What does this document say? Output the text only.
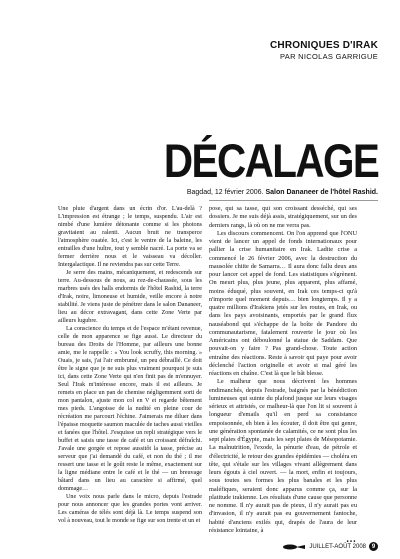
CHRONIQUES D'IRAK
PAR NICOLAS GARRIGUE
DÉCALAGE
Bagdad, 12 février 2006. Salon Dananeer de l'hôtel Rashid.

Une pluie d'argent dans un écrin d'or. L'au-delà ? L'impression est étrange ; le temps, suspendu. L'air est nimbé d'une lumière détonante comme si les photons gravitaient au ralenti. Aucun bruit ne transperce l'atmosphère ouatée. Ici, c'est le ventre de la baleine, les entrailles d'une huître, tout y semble nacré. La porte va se fermer derrière nous et le vaisseau va décoller. Intergalactique. Il ne reviendra pas sur cette Terre.

Je serre des mains, mécaniquement, et redescends sur terre. Au-dessous de nous, au rez-de-chaussée, sous les marbres usés des halls endormis de l'hôtel Rashid, la terre d'Irak, noire, limoneuse et humide, veille encore à notre stabilité. Je viens juste de pénétrer dans le salon Dananeer, lieu au décor extravagant, dans cette Zone Verte par ailleurs lugubre.

La conscience du temps et de l'espace m'étant revenue, celle de mon apparence se fige aussi. Le directeur du bureau des Droits de l'Homme, par ailleurs une bonne amie, me le rappelle : « You look scruffy, this morning. » Ouais, je sais, j'ai l'air embrumé, un peu débraillé. Ce doit être le signe que je ne suis plus vraiment pourquoi je suis ici, dans cette Zone Verte qui n'en finit pas de m'ennuyer. Seul l'Irak m'intéresse encore, mais il est ailleurs. Je remets en place un pan de chemise négligemment sorti de mon pantalon, ajuste mon col en V et regarde bêtement mes pieds. L'angoisse de la nudité en pleine cour de récréation me parcourt l'échine. J'aimerais me diluer dans l'épaisse moquette saumon maculée de taches aussi vieilles et fanées que l'hôtel. J'esquisse un repli stratégique vers le buffet et saisis une tasse de café et un croissant défraîchi. J'avale une gorgée et repose aussitôt la tasse, précise au serveur que j'ai demandé du café, et non du thé ; il me ressert une tasse et le goût reste le même, exactement sur la ligne médiane entre le café et le thé — un breuvage bâtard dans un lieu au caractère si affirmé, quel dommage…

Une voix nous parle dans le micro, depuis l'estrade pour nous annoncer que les grandes portes vont arriver. Les caméras de télés sont déjà là. Le temps suspend son vol à nouveau, tout le monde se fige sur son trente et un et

pose, qui sa tasse, qui son croissant desséché, qui ses dossiers. Je me suis déjà assis, stratégiquement, sur un des derniers rangs, là où on ne me verra pas.

Les discours commencent. On l'on apprend que l'ONU vient de lancer un appel de fonds internationaux pour pallier la crise humanitaire en Irak. Ladite crise a commencé le 26 février 2006, avec la destruction du mausolée chiite de Samarra… Il aura donc fallu deux ans pour lancer cet appel de fond. Les statistiques s'égrènent. On meurt plus, plus jeune, plus apparent, plus affamé, moins éduqué, plus souvent, en Irak ces temps-ci qu'à n'importe quel moment depuis… bien longtemps. Il y a quatre millions d'Irakiens jetés sur les routes, en Irak, ou dans les pays avoisinants, emportés par le grand flux nauséabond qui s'échappe de la boîte de Pandore du communautarisme, fatalement rouverte le jour où les Américains ont déboulonné la statue de Saddam. Que pouvait-on y faire ? Pas grand-chose. Toute action entraîne des réactions. Reste à savoir qui paye pour avoir déclenché l'action originelle et avoir si mal géré les réactions en chaîne. C'est là que le bât blesse.

Le malheur que nous décrivent les hommes endimanchés, depuis l'estrade, baignés par la bénédiction lumineuses qui suinte du plafond jusque sur leurs visages sérieux et attristés, ce malheur-là que l'on lit si souvent à longueur d'emails qu'il en perd sa consistance empoisonnée, eh bien à les écouter, il doit être qui genre, une génération spontanée de calamités, ce ne sont plus les sept plaies d'Égypte, mais les sept plaies de Mésopotamie. La malnutrition, l'exode, la pénurie d'eau, de pétrole et d'électricité, le retour des grandes épidémies — choléra en tête, qui s'étale sur les villages vivant allègrement dans leurs égouts à ciel ouvert. — la mort, enfin et toujours, sous toutes ses formes les plus banales et les plus maléfiques, seraient donc apparus comme ça, sur la platitude irakienne. Les résultats d'une cause que personne ne nomme. Il n'y aurait pas de pieux, il n'y aurait pas eu d'invasion, il n'y aurait pas eu gouvernement fantoche, habité d'anciens exilés qui, drapés de l'aura de leur résistance lointaine, à

…
JUILLET-AOÛT 2008 9
